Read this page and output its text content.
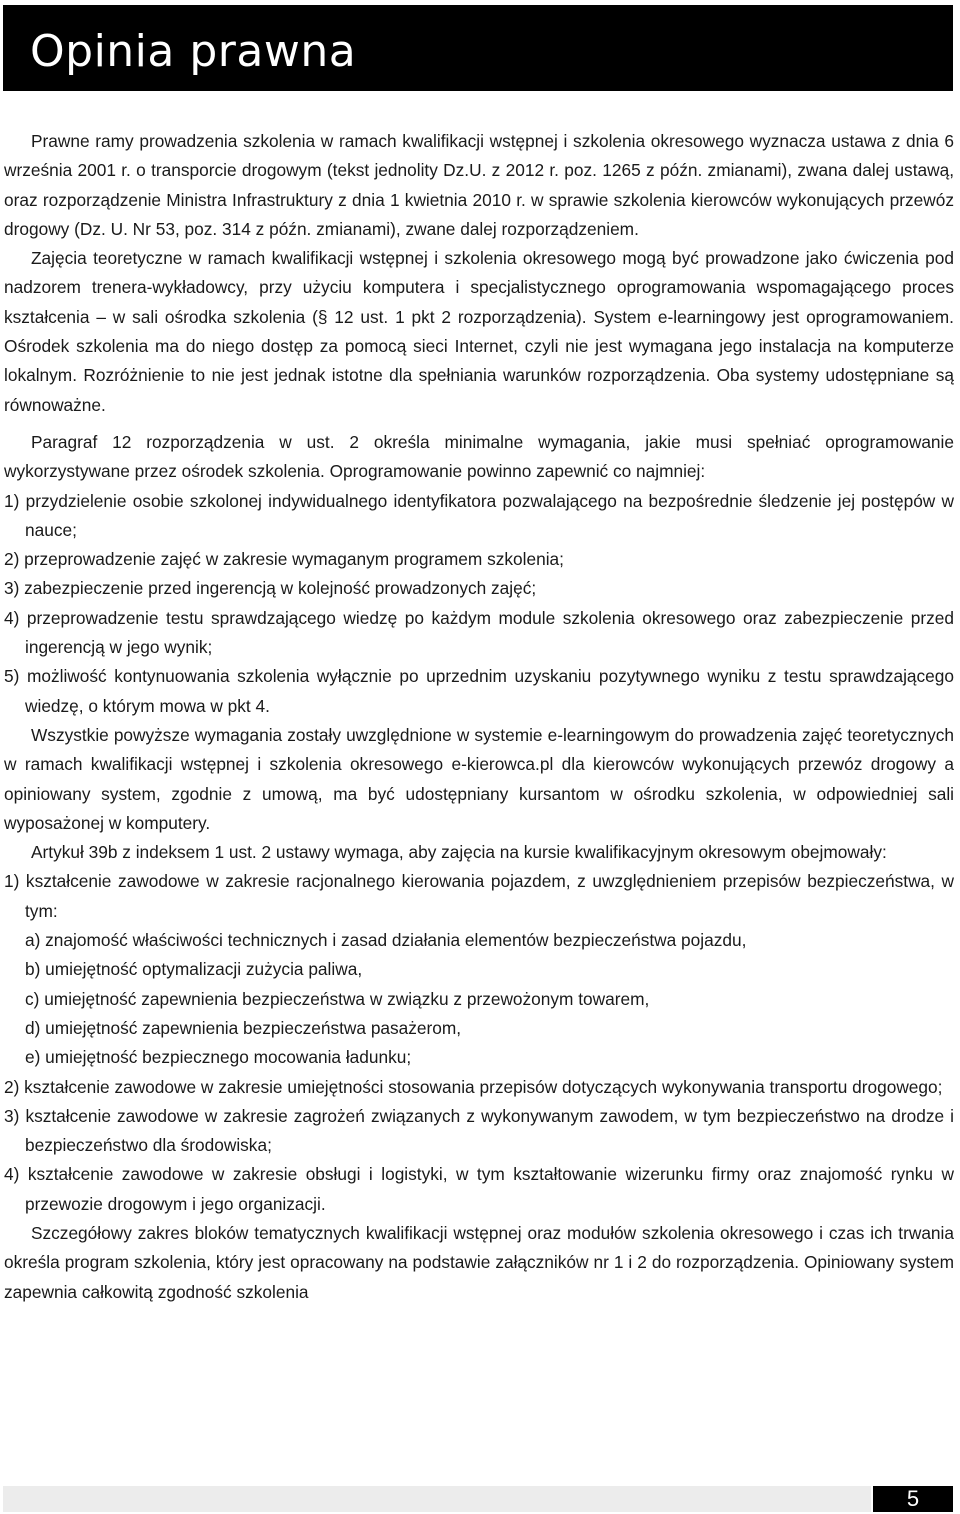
Opinia prawna

Prawne ramy prowadzenia szkolenia w ramach kwalifikacji wstępnej i szkolenia okresowego wyznacza ustawa z dnia 6 września 2001 r. o transporcie drogowym (tekst jednolity Dz.U. z 2012 r. poz. 1265 z późn. zmianami), zwana dalej ustawą, oraz rozporządzenie Ministra Infrastruktury z dnia 1 kwietnia 2010 r. w sprawie szkolenia kierowców wykonujących przewóz drogowy (Dz. U. Nr 53, poz. 314 z późn. zmianami), zwane dalej rozporządzeniem.

Zajęcia teoretyczne w ramach kwalifikacji wstępnej i szkolenia okresowego mogą być prowadzone jako ćwiczenia pod nadzorem trenera-wykładowcy, przy użyciu komputera i specjalistycznego oprogramowania wspomagającego proces kształcenia – w sali ośrodka szkolenia (§ 12 ust. 1 pkt 2 rozporządzenia). System e-learningowy jest oprogramowaniem. Ośrodek szkolenia ma do niego dostęp za pomocą sieci Internet, czyli nie jest wymagana jego instalacja na komputerze lokalnym. Rozróżnienie to nie jest jednak istotne dla spełniania warunków rozporządzenia. Oba systemy udostępniane są równoważne.

Paragraf 12 rozporządzenia w ust. 2 określa minimalne wymagania, jakie musi spełniać oprogramowanie wykorzystywane przez ośrodek szkolenia. Oprogramowanie powinno zapewnić co najmniej:

1) przydzielenie osobie szkolonej indywidualnego identyfikatora pozwalającego na bezpośrednie śledzenie jej postępów w nauce;

2) przeprowadzenie zajęć w zakresie wymaganym programem szkolenia;

3) zabezpieczenie przed ingerencją w kolejność prowadzonych zajęć;

4) przeprowadzenie testu sprawdzającego wiedzę po każdym module szkolenia okresowego oraz zabezpieczenie przed ingerencją w jego wynik;

5) możliwość kontynuowania szkolenia wyłącznie po uprzednim uzyskaniu pozytywnego wyniku z testu sprawdzającego wiedzę, o którym mowa w pkt 4.

Wszystkie powyższe wymagania zostały uwzględnione w systemie e-learningowym do prowadzenia zajęć teoretycznych w ramach kwalifikacji wstępnej i szkolenia okresowego e-kierowca.pl dla kierowców wykonujących przewóz drogowy a opiniowany system, zgodnie z umową, ma być udostępniany kursantom w ośrodku szkolenia, w odpowiedniej sali wyposażonej w komputery.

Artykuł 39b z indeksem 1 ust. 2 ustawy wymaga, aby zajęcia na kursie kwalifikacyjnym okresowym obejmowały:

1) kształcenie zawodowe w zakresie racjonalnego kierowania pojazdem, z uwzględnieniem przepisów bezpieczeństwa, w tym:

a) znajomość właściwości technicznych i zasad działania elementów bezpieczeństwa pojazdu,

b) umiejętność optymalizacji zużycia paliwa,

c) umiejętność zapewnienia bezpieczeństwa w związku z przewożonym towarem,

d) umiejętność zapewnienia bezpieczeństwa pasażerom,

e) umiejętność bezpiecznego mocowania ładunku;

2) kształcenie zawodowe w zakresie umiejętności stosowania przepisów dotyczących wykonywania transportu drogowego;

3) kształcenie zawodowe w zakresie zagrożeń związanych z wykonywanym zawodem, w tym bezpieczeństwo na drodze i bezpieczeństwo dla środowiska;

4) kształcenie zawodowe w zakresie obsługi i logistyki, w tym kształtowanie wizerunku firmy oraz znajomość rynku w przewozie drogowym i jego organizacji.

Szczegółowy zakres bloków tematycznych kwalifikacji wstępnej oraz modułów szkolenia okresowego i czas ich trwania określa program szkolenia, który jest opracowany na podstawie załączników nr 1 i 2 do rozporządzenia. Opiniowany system zapewnia całkowitą zgodność szkolenia

5
